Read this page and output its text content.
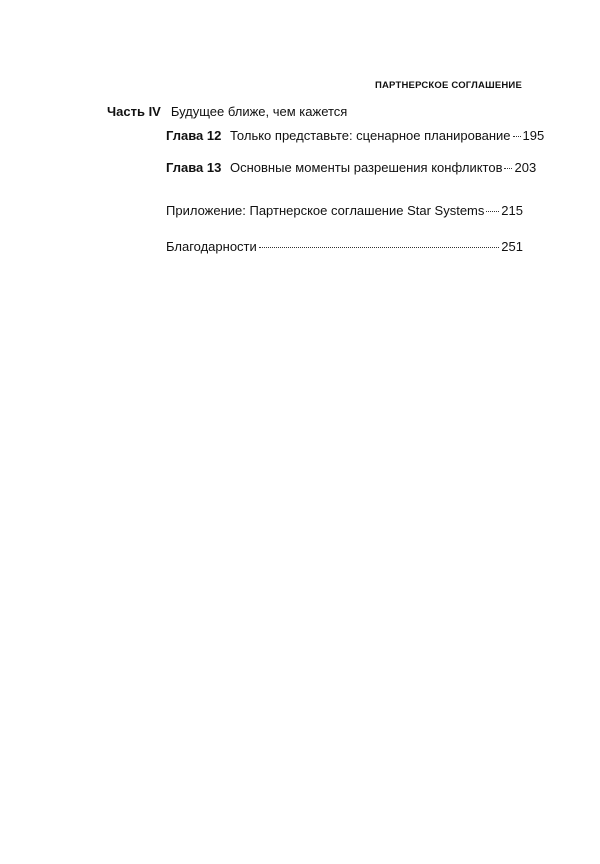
ПАРТНЕРСКОЕ СОГЛАШЕНИЕ
Часть IV Будущее ближе, чем кажется
Глава 12 Только представьте: сценарное планирование 195
Глава 13 Основные моменты разрешения конфликтов 203
Приложение: Партнерское соглашение Star Systems 215
Благодарности	251
